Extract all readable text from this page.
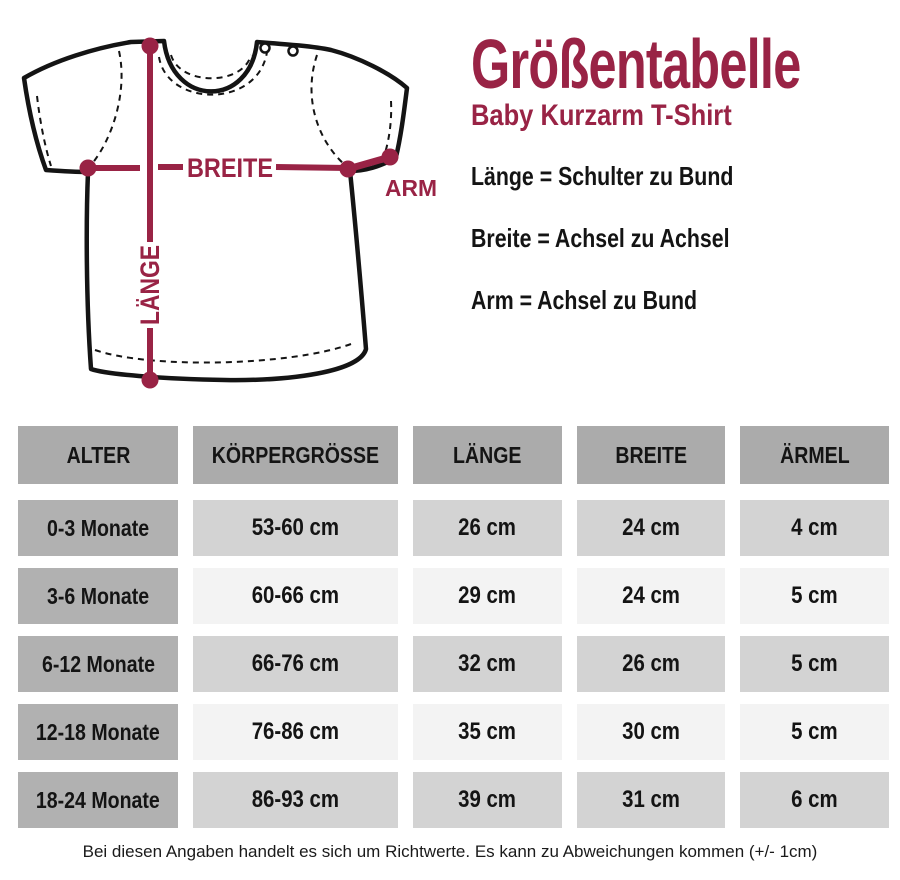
BREITE
ARM
LÄNGE
Größentabelle
Baby Kurzarm T-Shirt
Länge = Schulter zu Bund
Breite = Achsel zu Achsel
Arm = Achsel zu Bund
ALTER	KÖRPERGRÖSSE	LÄNGE	BREITE	ÄRMEL
0-3 Monate	53-60 cm	26 cm	24 cm	4 cm
3-6 Monate	60-66 cm	29 cm	24 cm	5 cm
6-12 Monate	66-76 cm	32 cm	26 cm	5 cm
12-18 Monate	76-86 cm	35 cm	30 cm	5 cm
18-24 Monate	86-93 cm	39 cm	31 cm	6 cm
Bei diesen Angaben handelt es sich um Richtwerte. Es kann zu Abweichungen kommen (+/- 1cm)
